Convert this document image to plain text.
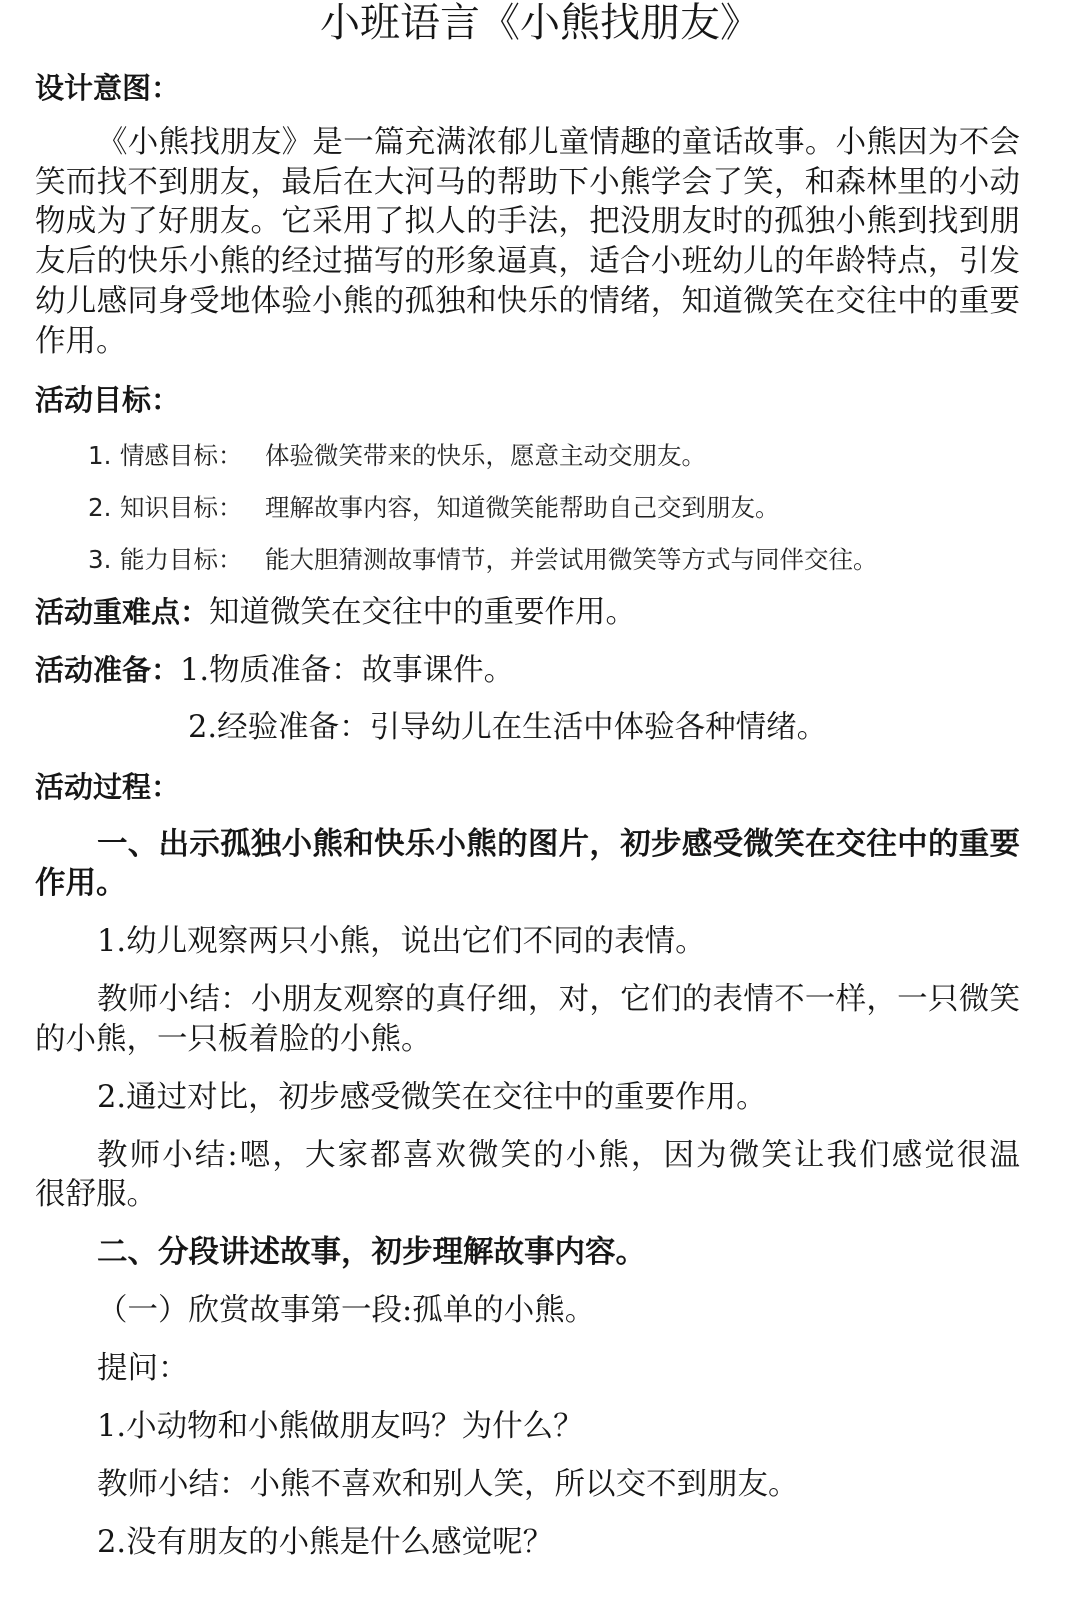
小班语言《小熊找朋友》
设计意图：
《小熊找朋友》是一篇充满浓郁儿童情趣的童话故事。小熊因为不会
笑而找不到朋友，最后在大河马的帮助下小熊学会了笑，和森林里的小动
物成为了好朋友。它采用了拟人的手法，把没朋友时的孤独小熊到找到朋
友后的快乐小熊的经过描写的形象逼真，适合小班幼儿的年龄特点，引发
幼儿感同身受地体验小熊的孤独和快乐的情绪，知道微笑在交往中的重要
作用。
活动目标：
1. 情感目标： 体验微笑带来的快乐，愿意主动交朋友。
2. 知识目标： 理解故事内容，知道微笑能帮助自己交到朋友。
3. 能力目标： 能大胆猜测故事情节，并尝试用微笑等方式与同伴交往。
活动重难点：知道微笑在交往中的重要作用。
活动准备：1.物质准备：故事课件。
2.经验准备：引导幼儿在生活中体验各种情绪。
活动过程：
一、出示孤独小熊和快乐小熊的图片，初步感受微笑在交往中的重要
作用。
1.幼儿观察两只小熊，说出它们不同的表情。
教师小结：小朋友观察的真仔细，对，它们的表情不一样，一只微笑
的小熊，一只板着脸的小熊。
2.通过对比，初步感受微笑在交往中的重要作用。
教师小结:嗯，大家都喜欢微笑的小熊，因为微笑让我们感觉很温
很舒服。
二、分段讲述故事，初步理解故事内容。
（一）欣赏故事第一段:孤单的小熊。
提问：
1.小动物和小熊做朋友吗？为什么？
教师小结：小熊不喜欢和别人笑，所以交不到朋友。
2.没有朋友的小熊是什么感觉呢？
